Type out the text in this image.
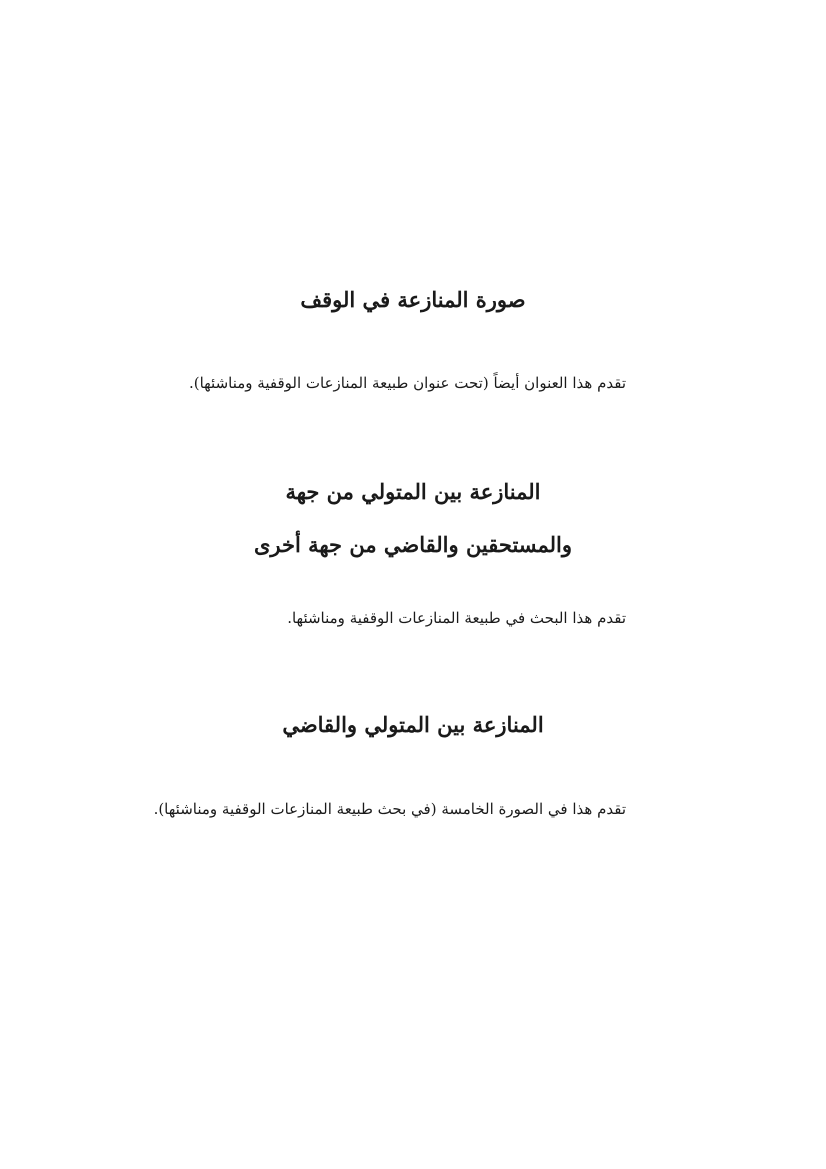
صورة المنازعة في الوقف
تقدم هذا العنوان أيضاً (تحت عنوان طبيعة المنازعات الوقفية ومناشئها).
المنازعة بين المتولي من جهة
والمستحقين والقاضي من جهة أخرى
تقدم هذا البحث في طبيعة المنازعات الوقفية ومناشئها.
المنازعة بين المتولي والقاضي
تقدم هذا في الصورة الخامسة (في بحث طبيعة المنازعات الوقفية ومناشئها).
